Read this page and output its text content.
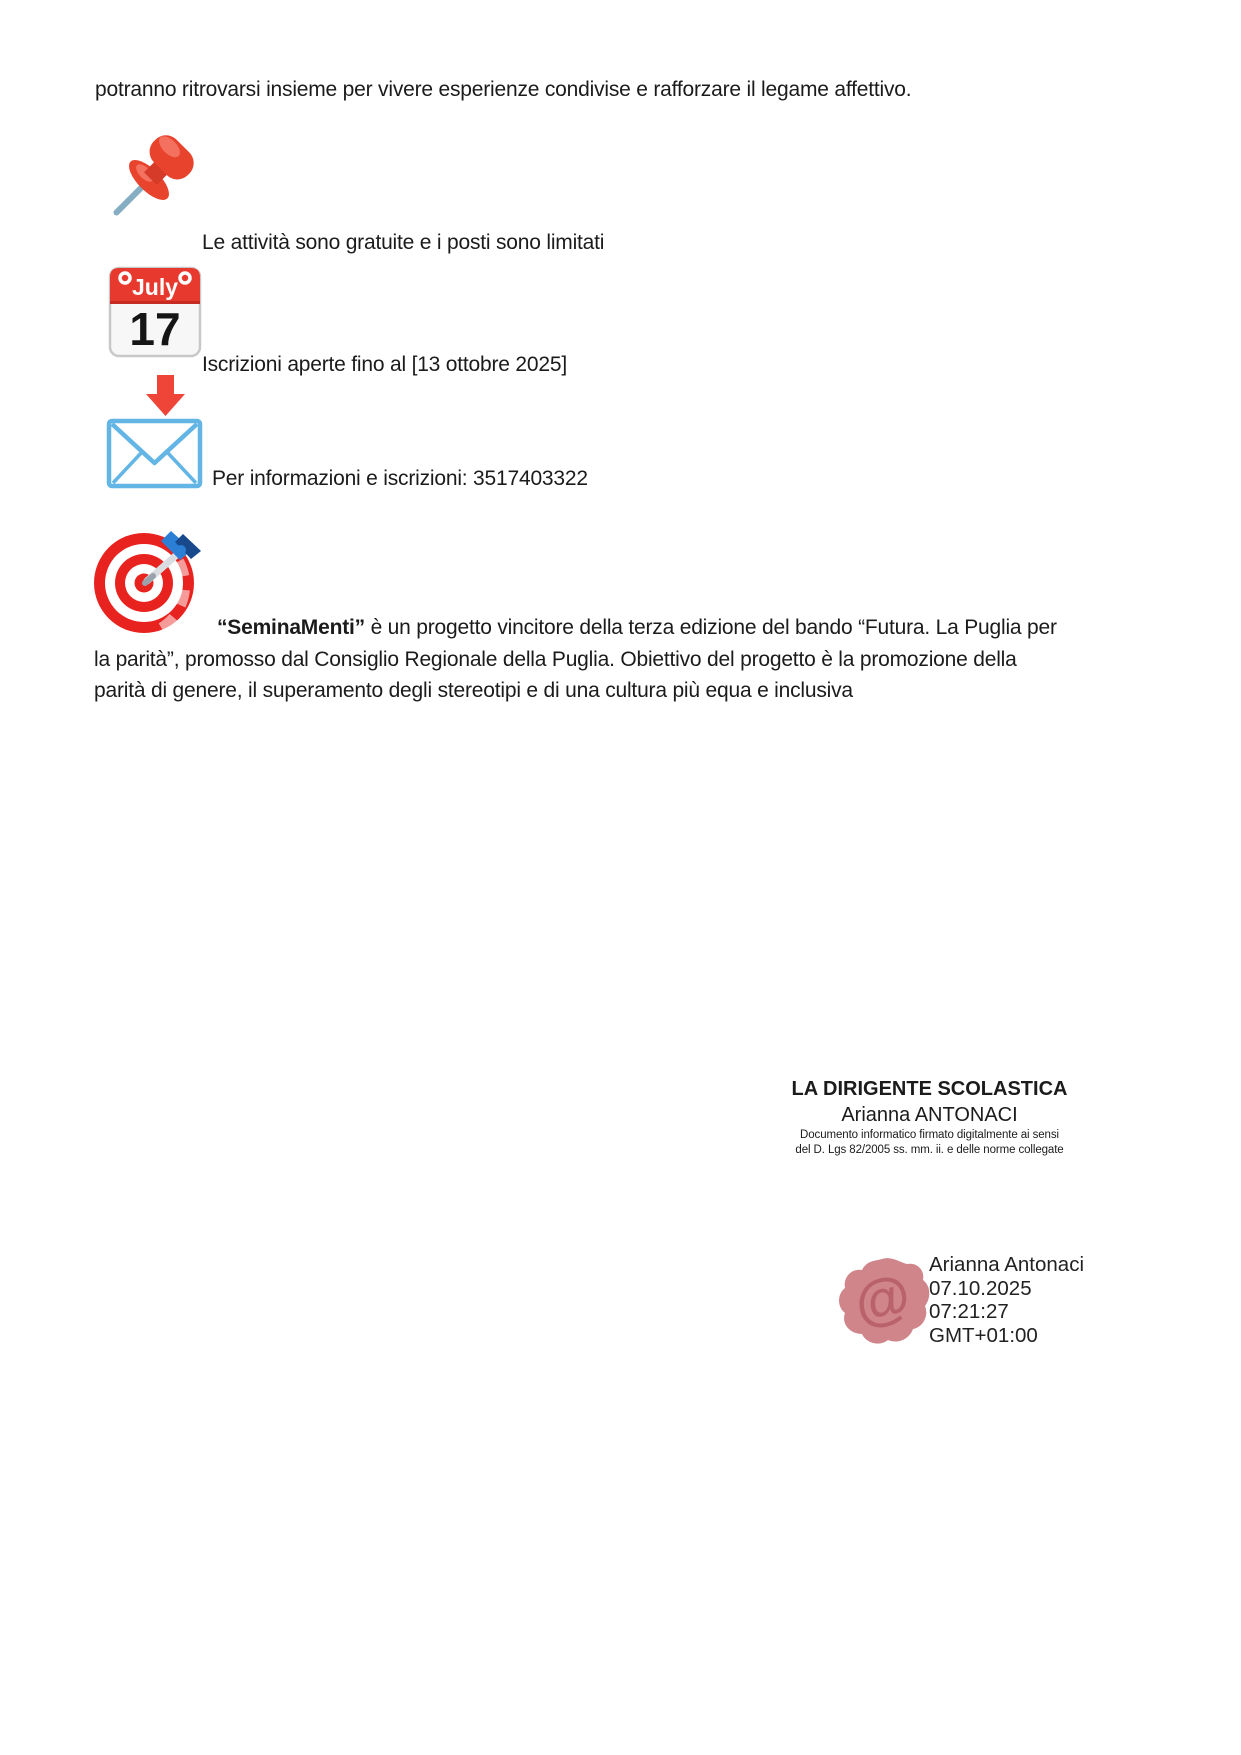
potranno ritrovarsi insieme per vivere esperienze condivise e rafforzare il legame affettivo.
Le attività sono gratuite e i posti sono limitati
July
17
Iscrizioni aperte fino al [13 ottobre 2025]
Per informazioni e iscrizioni: 3517403322
“SeminaMenti” è un progetto vincitore della terza edizione del bando “Futura. La Puglia per
la parità”, promosso dal Consiglio Regionale della Puglia. Obiettivo del progetto è la promozione della
parità di genere, il superamento degli stereotipi e di una cultura più equa e inclusiva
LA DIRIGENTE SCOLASTICA
Arianna ANTONACI
Documento informatico firmato digitalmente ai sensi
del D. Lgs 82/2005 ss. mm. ii. e delle norme collegate
@ Arianna Antonaci
07.10.2025
07:21:27
GMT+01:00
